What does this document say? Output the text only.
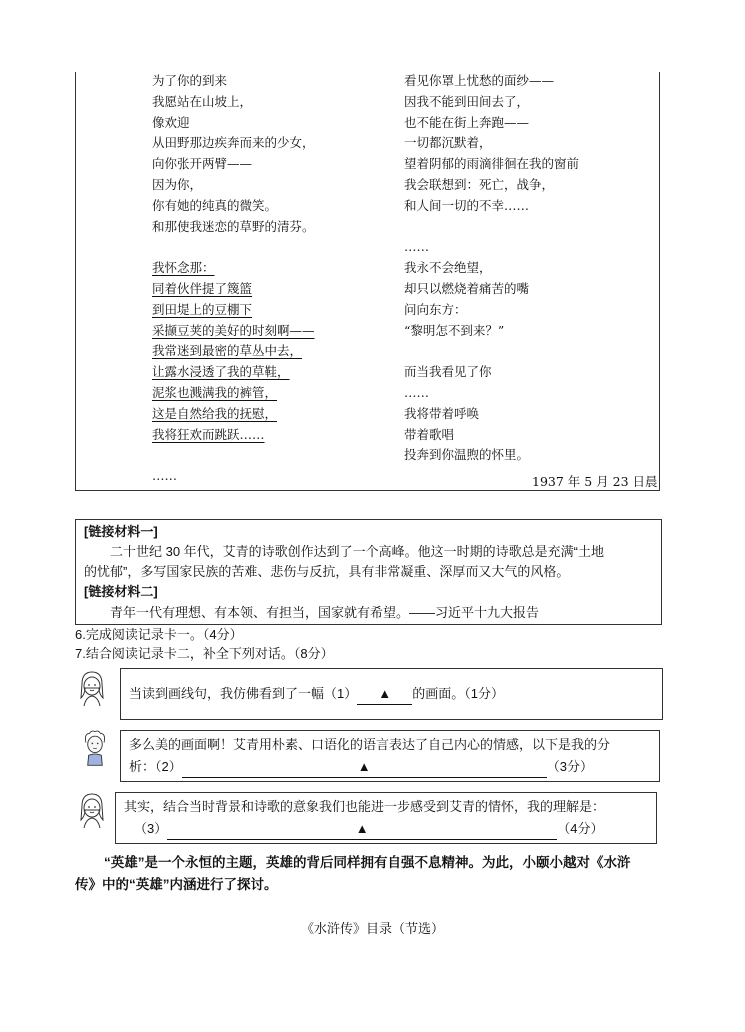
为了你的到来
我愿站在山坡上，
像欢迎
从田野那边疾奔而来的少女，
向你张开两臂——
因为你，
你有她的纯真的微笑。
和那使我迷恋的草野的清芬。
我怀念那：
同着伙伴提了篾篮
到田堤上的豆棚下
采撷豆荚的美好的时刻啊——
我常迷到最密的草丛中去，
让露水浸透了我的草鞋，
泥浆也溅满我的裤管，
这是自然给我的抚慰，
我将狂欢而跳跃……
……
看见你罩上忧愁的面纱——
因我不能到田间去了，
也不能在街上奔跑——
一切都沉默着，
望着阴郁的雨滴徘徊在我的窗前
我会联想到：死亡，战争，
和人间一切的不幸……
……
我永不会绝望，
却只以燃烧着痛苦的嘴
问向东方：
“黎明怎不到来？”
而当我看见了你
……
我将带着呼唤
带着歌唱
投奔到你温煦的怀里。
1937 年 5 月 23 日晨
[链接材料一]
二十世纪 30 年代，艾青的诗歌创作达到了一个高峰。他这一时期的诗歌总是充满“土地
的忧郁”，多写国家民族的苦难、悲伤与反抗，具有非常凝重、深厚而又大气的风格。
[链接材料二]
青年一代有理想、有本领、有担当，国家就有希望。——习近平十九大报告
6.完成阅读记录卡一。（4分）
7.结合阅读记录卡二，补全下列对话。（8分）
当读到画线句，我仿佛看到了一幅（1） ▲ 的画面。（1分）
多么美的画面啊！艾青用朴素、口语化的语言表达了自己内心的情感，以下是我的分
析：（2）	▲	（3分）
其实，结合当时背景和诗歌的意象我们也能进一步感受到艾青的情怀，我的理解是：
（3）	▲	（4分）
“英雄”是一个永恒的主题，英雄的背后同样拥有自强不息精神。为此，小颐小越对《水浒
传》中的“英雄”内涵进行了探讨。
《水浒传》目录（节选）
